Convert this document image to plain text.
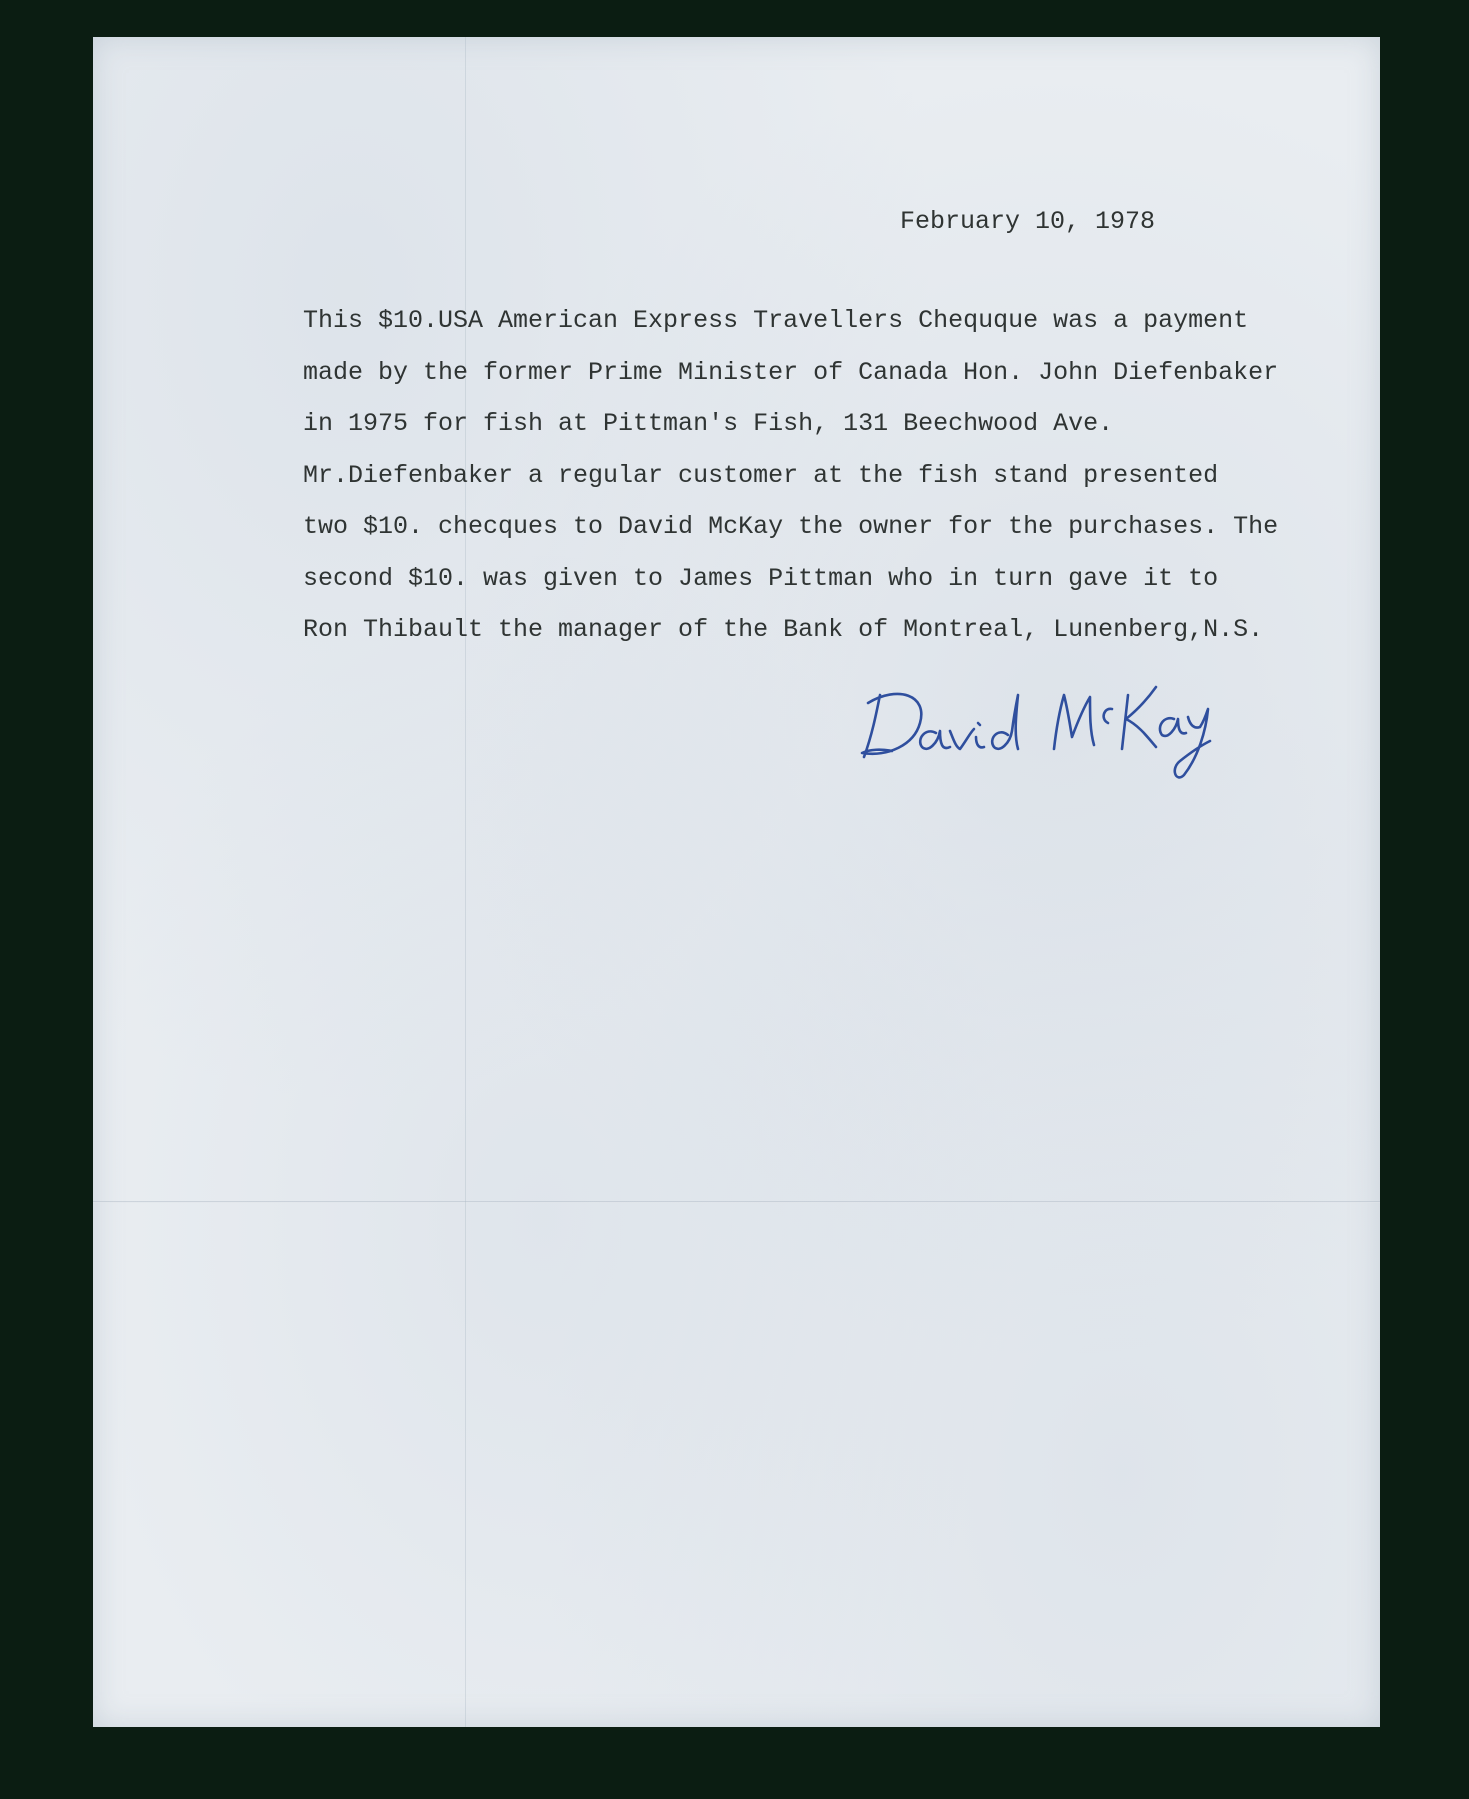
February 10, 1978
This $10.USA American Express Travellers Chequque was a payment
made by the former Prime Minister of Canada Hon. John Diefenbaker
in 1975 for fish at Pittman's Fish, 131 Beechwood Ave.
Mr.Diefenbaker a regular customer at the fish stand presented
two $10. checques to David McKay the owner for the purchases. The
second $10. was given to James Pittman who in turn gave it to
Ron Thibault the manager of the Bank of Montreal, Lunenberg,N.S.
